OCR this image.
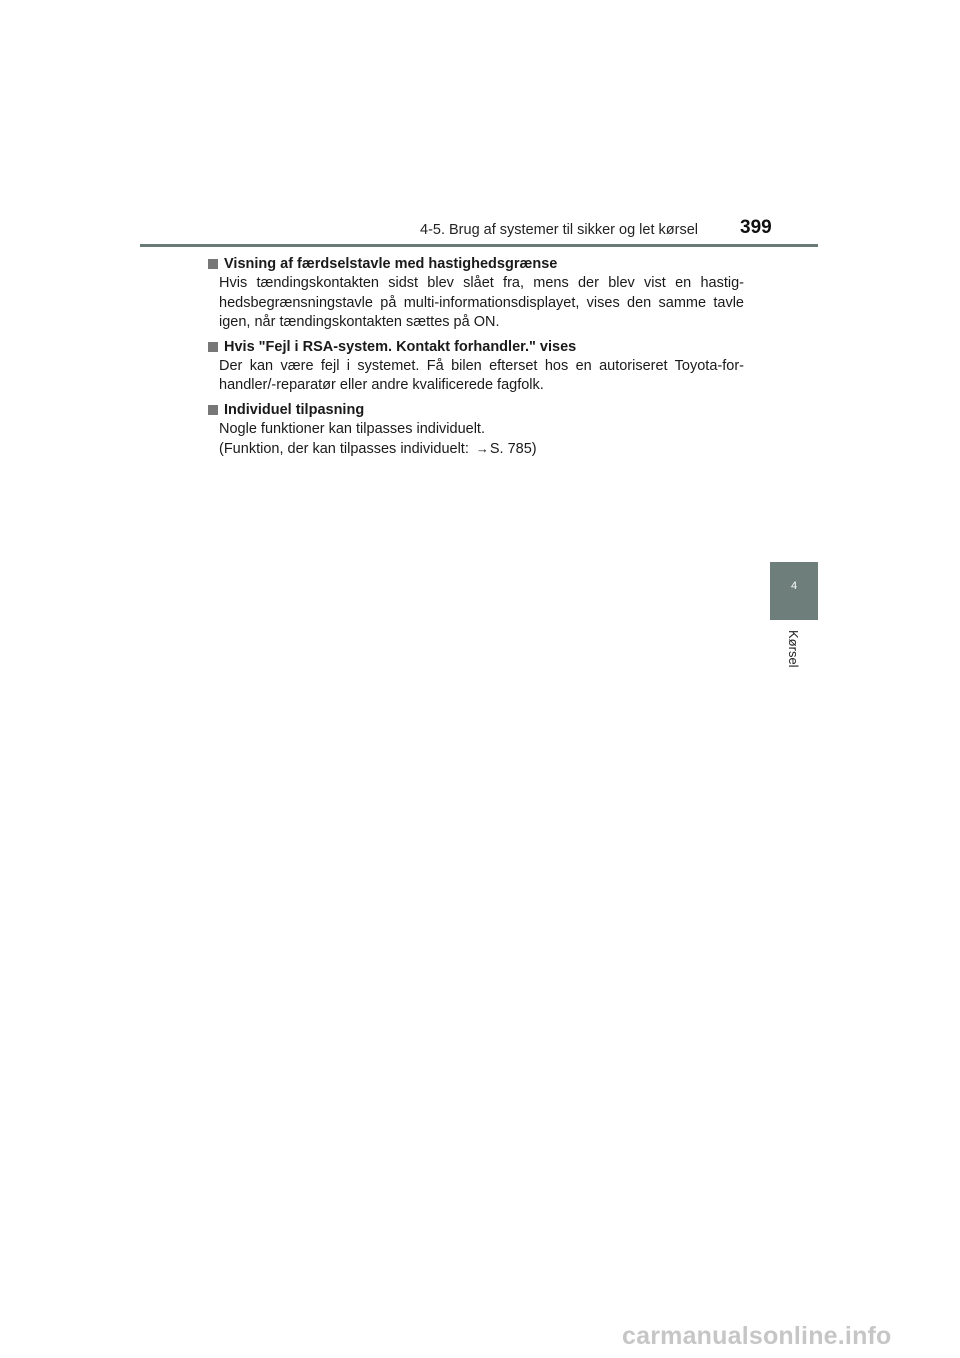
4-5. Brug af systemer til sikker og let kørsel 399
Visning af færdselstavle med hastighedsgrænse
Hvis tændingskontakten sidst blev slået fra, mens der blev vist en hastighedsbegrænsningstavle på multi-informationsdisplayet, vises den samme tavle igen, når tændingskontakten sættes på ON.
Hvis "Fejl i RSA-system. Kontakt forhandler." vises
Der kan være fejl i systemet. Få bilen efterset hos en autoriseret Toyota-forhandler/-reparatør eller andre kvalificerede fagfolk.
Individuel tilpasning
Nogle funktioner kan tilpasses individuelt.
(Funktion, der kan tilpasses individuelt: →S. 785)
4
Kørsel
carmanualsonline.info
